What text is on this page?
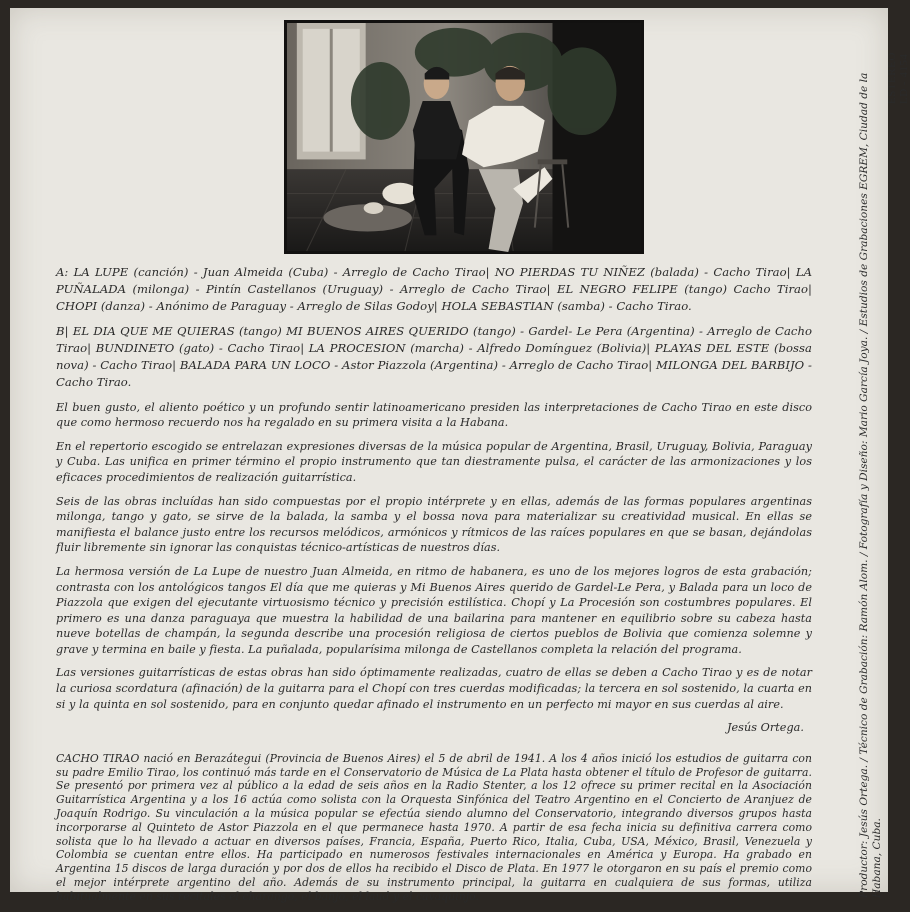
A: LA LUPE (canción) - Juan Almeida (Cuba) - Arreglo de Cacho Tirao| NO PIERDAS TU NIÑEZ (balada) - Cacho Tirao| LA PUÑALADA (milonga) - Pintín Castellanos (Uruguay) - Arreglo de Cacho Tirao| EL NEGRO FELIPE (tango) Cacho Tirao| CHOPI (danza) - Anónimo de Paraguay - Arreglo de Silas Godoy| HOLA SEBASTIAN (samba) - Cacho Tirao.

B| EL DIA QUE ME QUIERAS (tango) MI BUENOS AIRES QUERIDO (tango) - Gardel- Le Pera (Argentina) - Arreglo de Cacho Tirao| BUNDINETO (gato) - Cacho Tirao| LA PROCESION (marcha) - Alfredo Domínguez (Bolivia)| PLAYAS DEL ESTE (bossa nova) - Cacho Tirao| BALADA PARA UN LOCO - Astor Piazzola (Argentina) - Arreglo de Cacho Tirao| MILONGA DEL BARBIJO - Cacho Tirao.

El buen gusto, el aliento poético y un profundo sentir latinoamericano presiden las interpretaciones de Cacho Tirao en este disco que como hermoso recuerdo nos ha regalado en su primera visita a la Habana.

En el repertorio escogido se entrelazan expresiones diversas de la música popular de Argentina, Brasil, Uruguay, Bolivia, Paraguay y Cuba. Las unifica en primer término el propio instrumento que tan diestramente pulsa, el carácter de las armonizaciones y los eficaces procedimientos de realización guitarrística.

Seis de las obras incluídas han sido compuestas por el propio intérprete y en ellas, además de las formas populares argentinas milonga, tango y gato, se sirve de la balada, la samba y el bossa nova para materializar su creatividad musical. En ellas se manifiesta el balance justo entre los recursos melódicos, armónicos y rítmicos de las raíces populares en que se basan, dejándolas fluir libremente sin ignorar las conquistas técnico-artísticas de nuestros días.

La hermosa versión de La Lupe de nuestro Juan Almeida, en ritmo de habanera, es uno de los mejores logros de esta grabación; contrasta con los antológicos tangos El día que me quieras y Mi Buenos Aires querido de Gardel-Le Pera, y Balada para un loco de Piazzola que exigen del ejecutante virtuosismo técnico y precisión estilística. Chopí y La Procesión son costumbres populares. El primero es una danza paraguaya que muestra la habilidad de una bailarina para mantener en equilibrio sobre su cabeza hasta nueve botellas de champán, la segunda describe una procesión religiosa de ciertos pueblos de Bolivia que comienza solemne y grave y termina en baile y fiesta. La puñalada, popularísima milonga de Castellanos completa la relación del programa.

Las versiones guitarrísticas de estas obras han sido óptimamente realizadas, cuatro de ellas se deben a Cacho Tirao y es de notar la curiosa scordatura (afinación) de la guitarra para el Chopí con tres cuerdas modificadas; la tercera en sol sostenido, la cuarta en si y la quinta en sol sostenido, para en conjunto quedar afinado el instrumento en un perfecto mi mayor en sus cuerdas al aire.

Jesús Ortega.

CACHO TIRAO nació en Berazátegui (Provincia de Buenos Aires) el 5 de abril de 1941. A los 4 años inició los estudios de guitarra con su padre Emilio Tirao, los continuó más tarde en el Conservatorio de Música de La Plata hasta obtener el título de Profesor de guitarra. Se presentó por primera vez al público a la edad de seis años en la Radio Stenter, a los 12 ofrece su primer recital en la Asociación Guitarrística Argentina y a los 16 actúa como solista con la Orquesta Sinfónica del Teatro Argentino en el Concierto de Aranjuez de Joaquín Rodrigo. Su vinculación a la música popular se efectúa siendo alumno del Conservatorio, integrando diversos grupos hasta incorporarse al Quinteto de Astor Piazzola en el que permanece hasta 1970. A partir de esa fecha inicia su definitiva carrera como solista que lo ha llevado a actuar en diversos países, Francia, España, Puerto Rico, Italia, Cuba, USA, México, Brasil, Venezuela y Colombia se cuentan entre ellos. Ha participado en numerosos festivales internacionales en América y Europa. Ha grabado en Argentina 15 discos de larga duración y por dos de ellos ha recibido el Disco de Plata. En 1977 le otorgaron en su país el premio como el mejor intérprete argentino del año. Además de su instrumento principal, la guitarra en cualquiera de sus formas, utiliza habitualmente en sus recitales el charango, el banjo, el laud y el cavaquinjo.	Productor: Jesús Ortega. / Técnico de Grabación: Ramón Alom. / Fotografía y Diseño: Mario García Joya. / Estudios de Grabaciones EGREM, Ciudad de la Habana, Cuba.
ESTEREO LD - 4154
